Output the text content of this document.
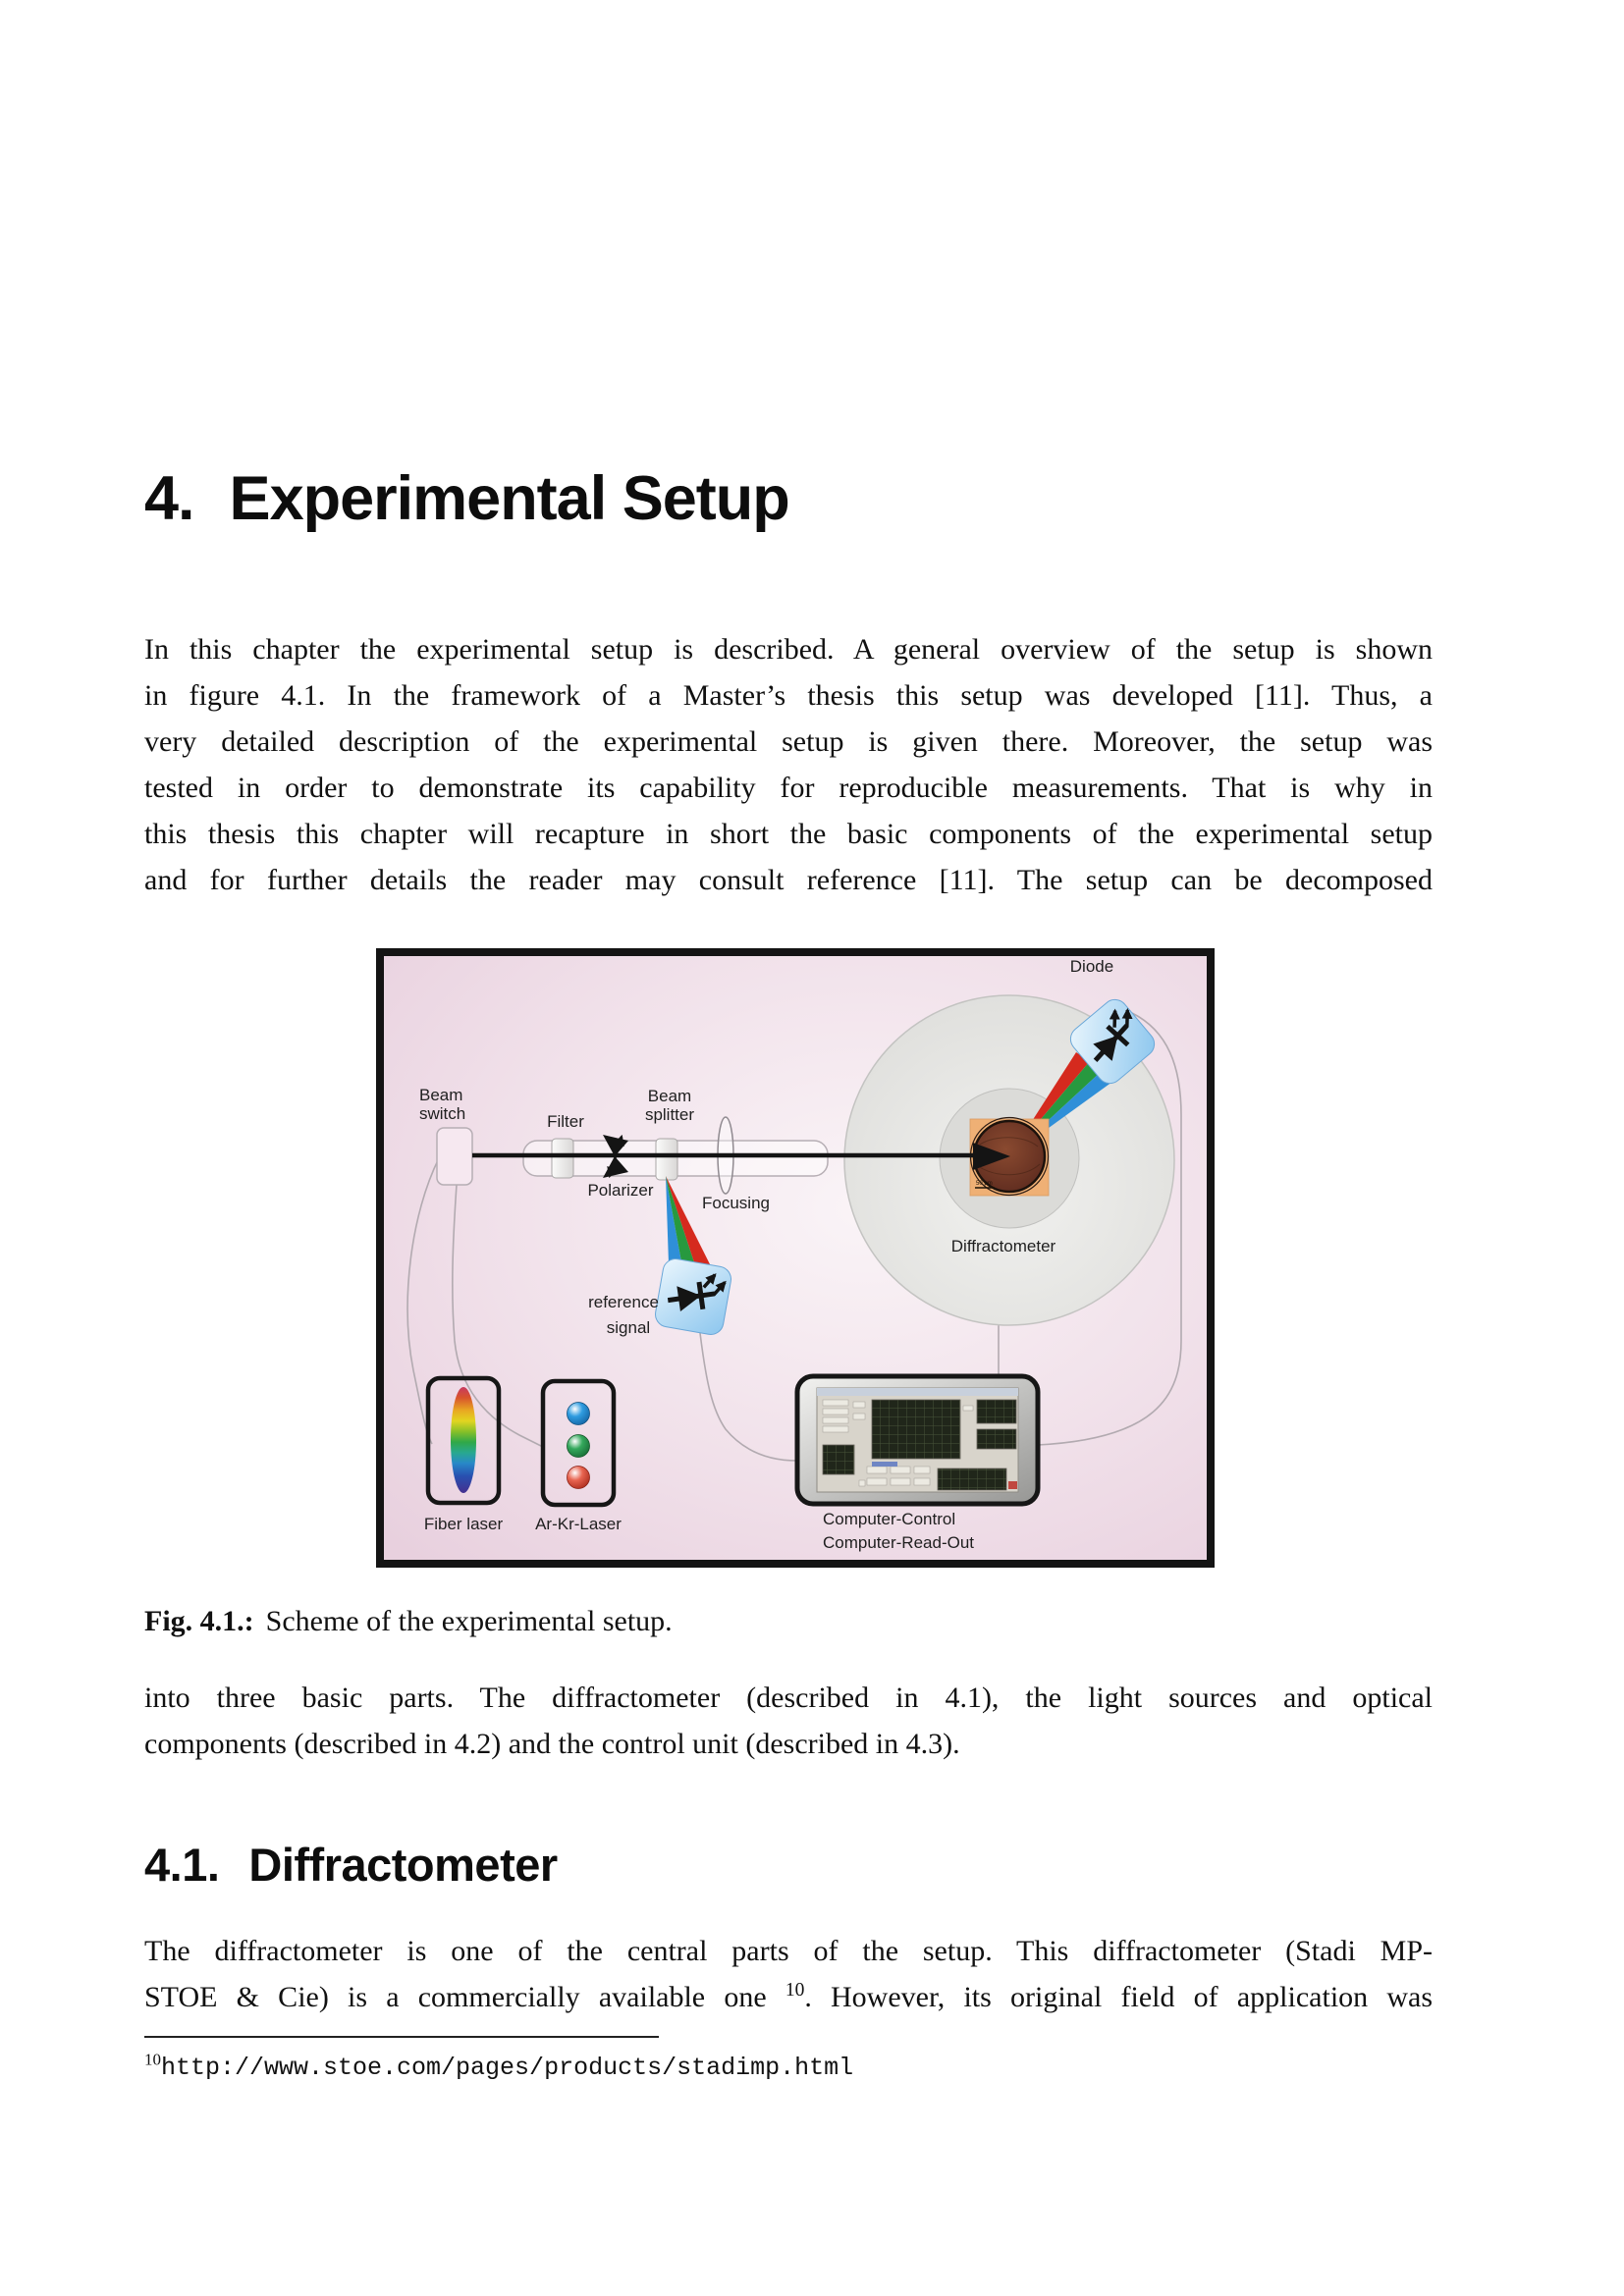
4. Experimental Setup
In this chapter the experimental setup is described. A general overview of the setup is shown
in figure 4.1. In the framework of a Master’s thesis this setup was developed [11]. Thus, a
very detailed description of the experimental setup is given there. Moreover, the setup was
tested in order to demonstrate its capability for reproducible measurements. That is why in
this thesis this chapter will recapture in short the basic components of the experimental setup
and for further details the reader may consult reference [11]. The setup can be decomposed
50 µm
Diode
Beam
switch	Filter
Beam
splitter
Polarizer
Focusing
Diffractometer
reference
signal
Fiber laser Ar-Kr-Laser	Computer-Control
Computer-Read-Out
Fig. 4.1.: Scheme of the experimental setup.
into three basic parts. The diffractometer (described in 4.1), the light sources and optical
components (described in 4.2) and the control unit (described in 4.3).
4.1. Diffractometer
The diffractometer is one of the central parts of the setup. This diffractometer (Stadi MP-
STOE & Cie) is a commercially available one $^{10}$. However, its original field of application was
$^{10}$http://www.stoe.com/pages/products/stadimp.html
